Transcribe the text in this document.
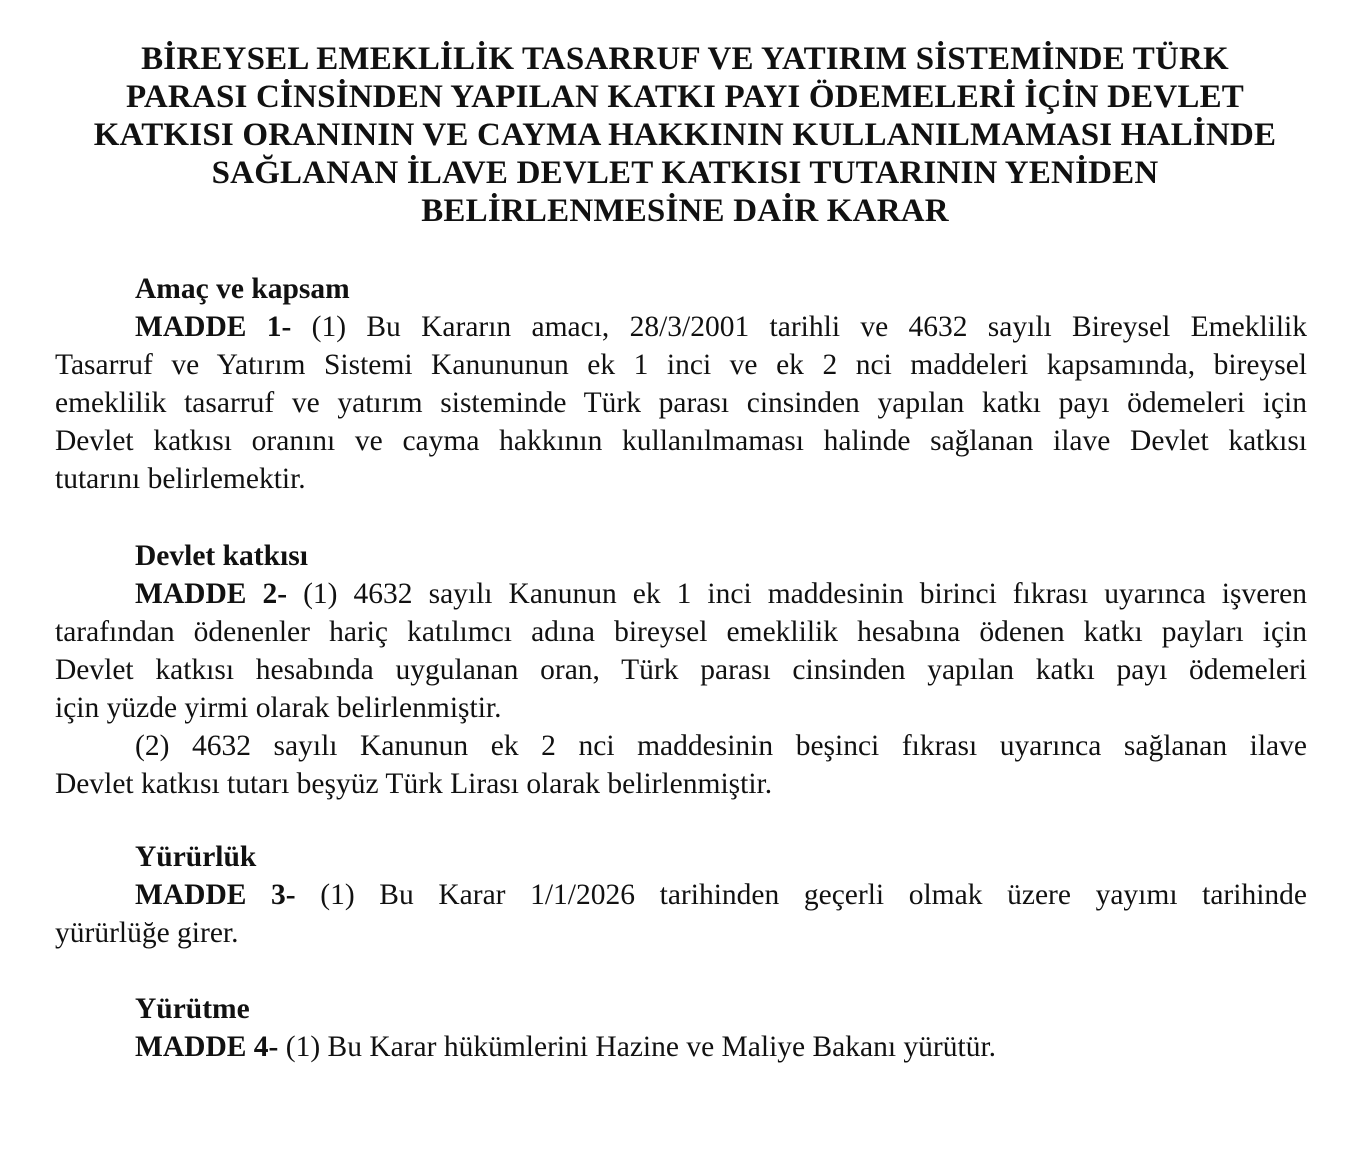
BİREYSEL EMEKLİLİK TASARRUF VE YATIRIM SİSTEMİNDE TÜRK
PARASI CİNSİNDEN YAPILAN KATKI PAYI ÖDEMELERİ İÇİN DEVLET
KATKISI ORANININ VE CAYMA HAKKININ KULLANILMAMASI HALİNDE
SAĞLANAN İLAVE DEVLET KATKISI TUTARININ YENİDEN
BELİRLENMESİNE DAİR KARAR
Amaç ve kapsam
MADDE 1- (1) Bu Kararın amacı, 28/3/2001 tarihli ve 4632 sayılı Bireysel Emeklilik
Tasarruf ve Yatırım Sistemi Kanununun ek 1 inci ve ek 2 nci maddeleri kapsamında, bireysel
emeklilik tasarruf ve yatırım sisteminde Türk parası cinsinden yapılan katkı payı ödemeleri için
Devlet katkısı oranını ve cayma hakkının kullanılmaması halinde sağlanan ilave Devlet katkısı
tutarını belirlemektir.
Devlet katkısı
MADDE 2- (1) 4632 sayılı Kanunun ek 1 inci maddesinin birinci fıkrası uyarınca işveren
tarafından ödenenler hariç katılımcı adına bireysel emeklilik hesabına ödenen katkı payları için
Devlet katkısı hesabında uygulanan oran, Türk parası cinsinden yapılan katkı payı ödemeleri
için yüzde yirmi olarak belirlenmiştir.
(2) 4632 sayılı Kanunun ek 2 nci maddesinin beşinci fıkrası uyarınca sağlanan ilave
Devlet katkısı tutarı beşyüz Türk Lirası olarak belirlenmiştir.
Yürürlük
MADDE 3- (1) Bu Karar 1/1/2026 tarihinden geçerli olmak üzere yayımı tarihinde
yürürlüğe girer.
Yürütme
MADDE 4- (1) Bu Karar hükümlerini Hazine ve Maliye Bakanı yürütür.
